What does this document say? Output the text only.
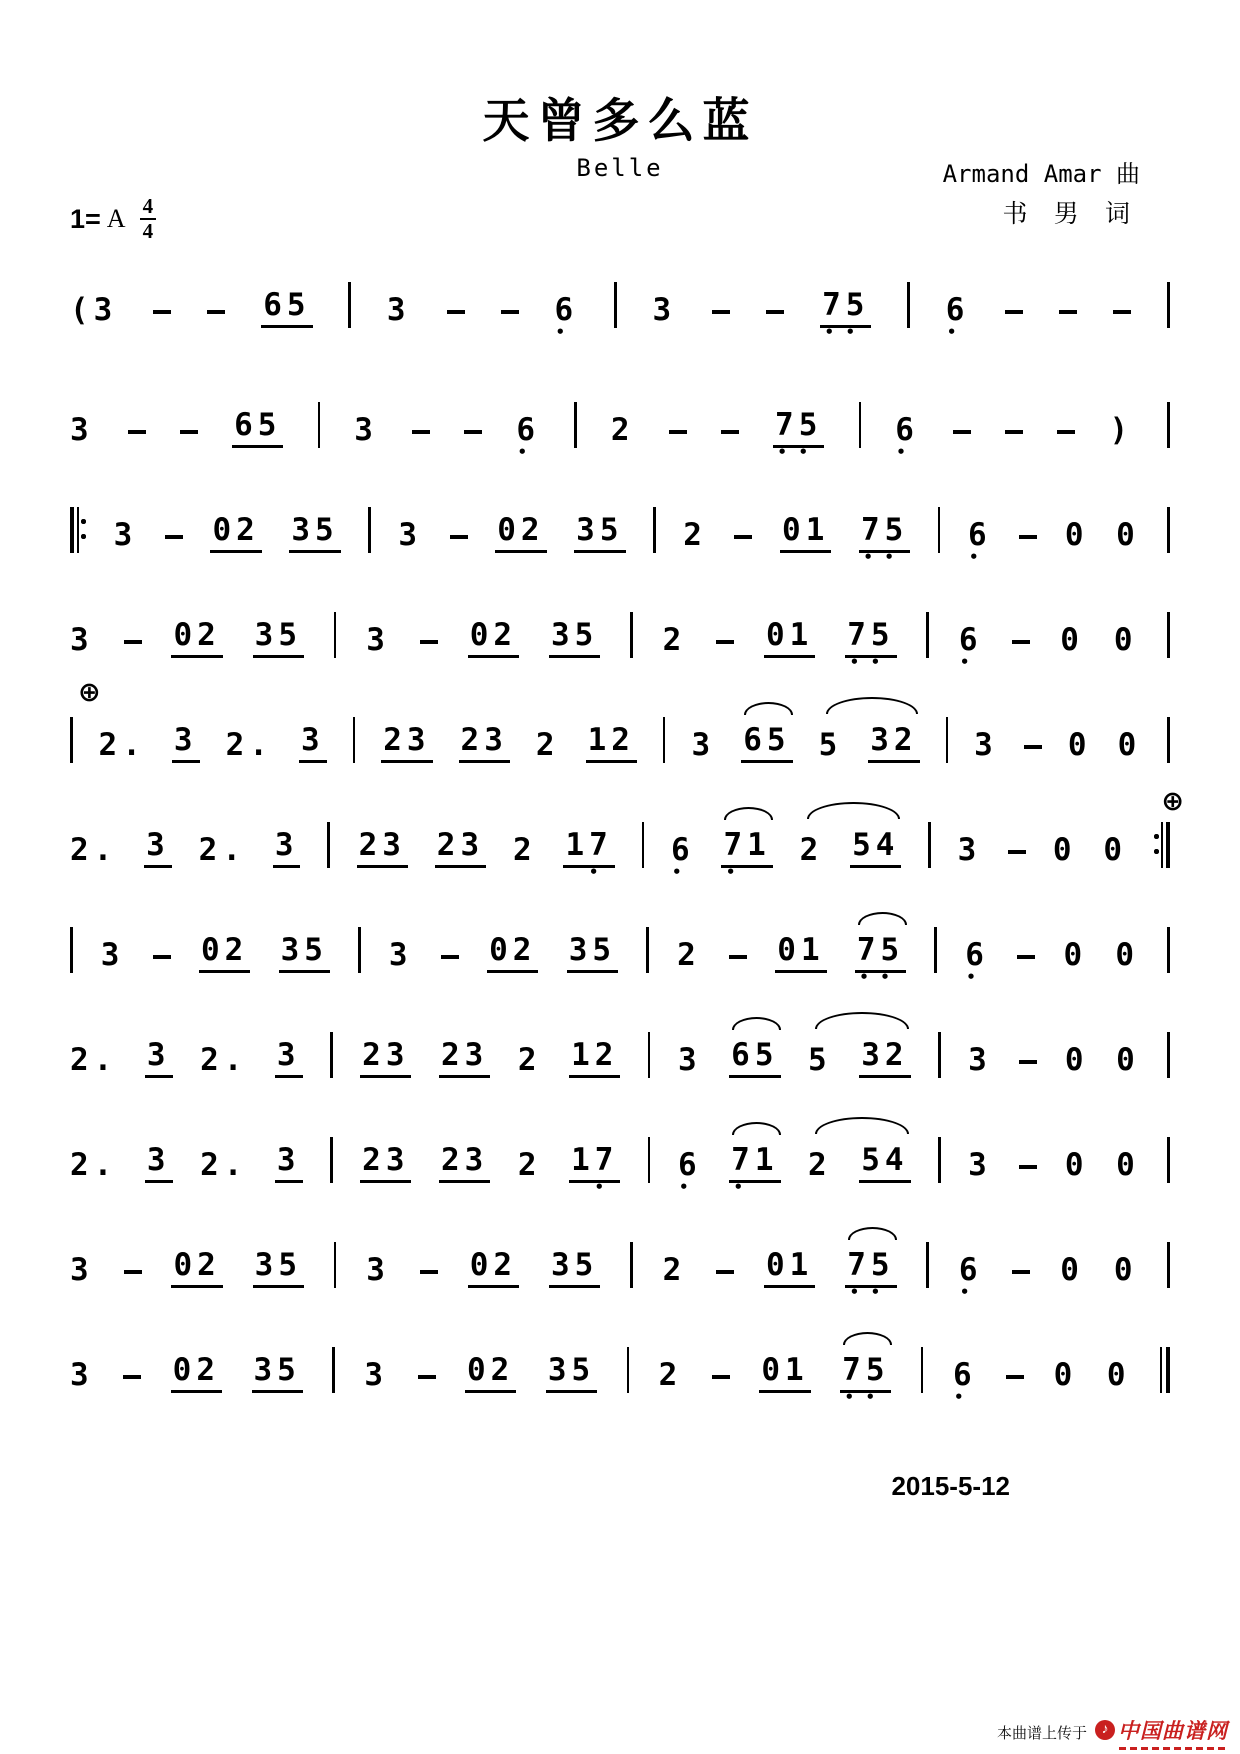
天曾多么蓝
Belle	Armand Amar 曲
1= A $\frac{4}{4}$	书 男 词
(3	65 3	6
•
3	75
••
6
•
3	65 3	6
•
2	75
••
6
•
)
3 02 35 3 02 35 2 01 75
••
6
•
0 0
3	02 35 3	02 35 2	01 75
••
6
•
0 0
⊕
2. 3 2. 3 23 23 2 12 3 65 5 32 3 0 0
⊕
2. 3 2. 3 23 23 2 17
•
6
•
71
•
2 54 3 0 0
3 02 35 3 02 35 2 01 75
••
6
•
0 0
2. 3 2. 3 23 23 2 12 3 65 5 32 3 0 0
2. 3 2. 3 23 23 2 17
•
6
•
71
•
2 54 3 0 0
3	02 35 3	02 35 2	01 75
••
6
•
0 0
3	02 35 3	02 35 2	01 75
••
6
•
0 0
2015-5-12
本曲谱上传于 ♪ 中国曲谱网
